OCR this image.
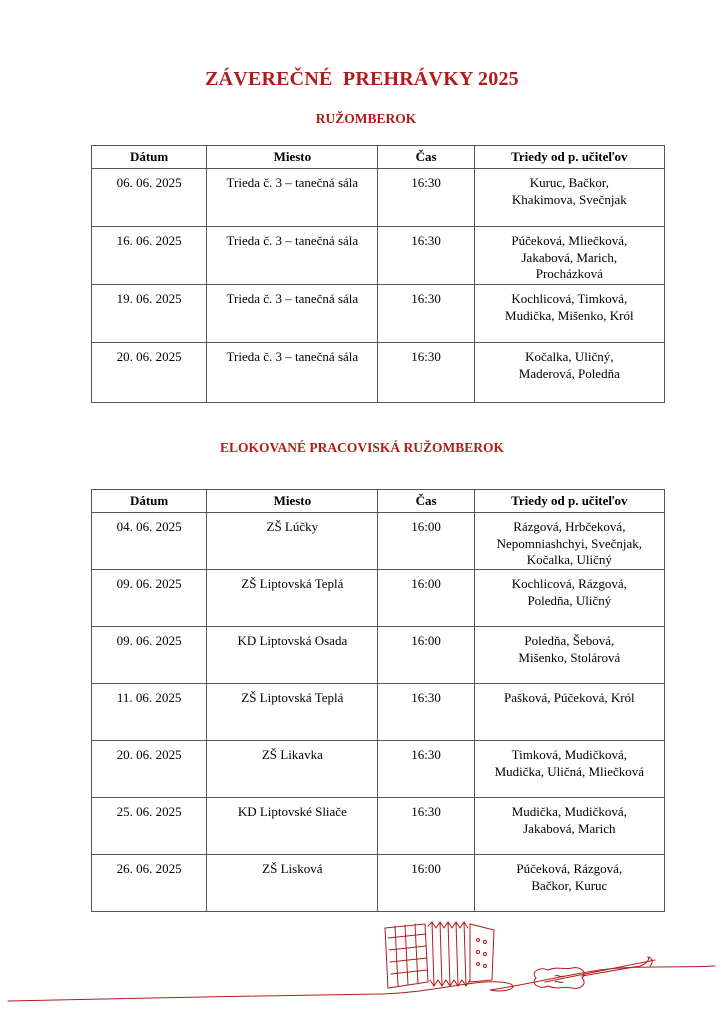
ZÁVEREČNÉ  PREHRÁVKY 2025
RUŽOMBEROK
Dátum	Miesto	Čas	Triedy od p. učiteľov
06. 06. 2025	Trieda č. 3 – tanečná sála	16:30	Kuruc, Bačkor,
Khakimova, Svečnjak

16. 06. 2025	Trieda č. 3 – tanečná sála	16:30	Púčeková, Mliečková,
Jakabová, Marich,
Procházková

19. 06. 2025	Trieda č. 3 – tanečná sála	16:30	Kochlicová, Timková,
Mudička, Mišenko, Król

20. 06. 2025	Trieda č. 3 – tanečná sála	16:30	Kočalka, Uličný,
Maderová, Poledňa
ELOKOVANÉ PRACOVISKÁ RUŽOMBEROK
Dátum	Miesto	Čas	Triedy od p. učiteľov
04. 06. 2025	ZŠ Lúčky	16:00	Rázgová, Hrbčeková,
Nepomniashchyi, Svečnjak,
Kočalka, Uličný

09. 06. 2025	ZŠ Liptovská Teplá	16:00	Kochlicová, Rázgová,
Poledňa, Uličný

09. 06. 2025	KD Liptovská Osada	16:00	Poledňa, Šebová,
Mišenko, Stolárová

11. 06. 2025	ZŠ Liptovská Teplá	16:30	Pašková, Púčeková, Król

20. 06. 2025	ZŠ Likavka	16:30	Timková, Mudičková,
Mudička, Uličná, Mliečková

25. 06. 2025	KD Liptovské Sliače	16:30	Mudička, Mudičková,
Jakabová, Marich

26. 06. 2025	ZŠ Lisková	16:00	Púčeková, Rázgová,
Bačkor, Kuruc
